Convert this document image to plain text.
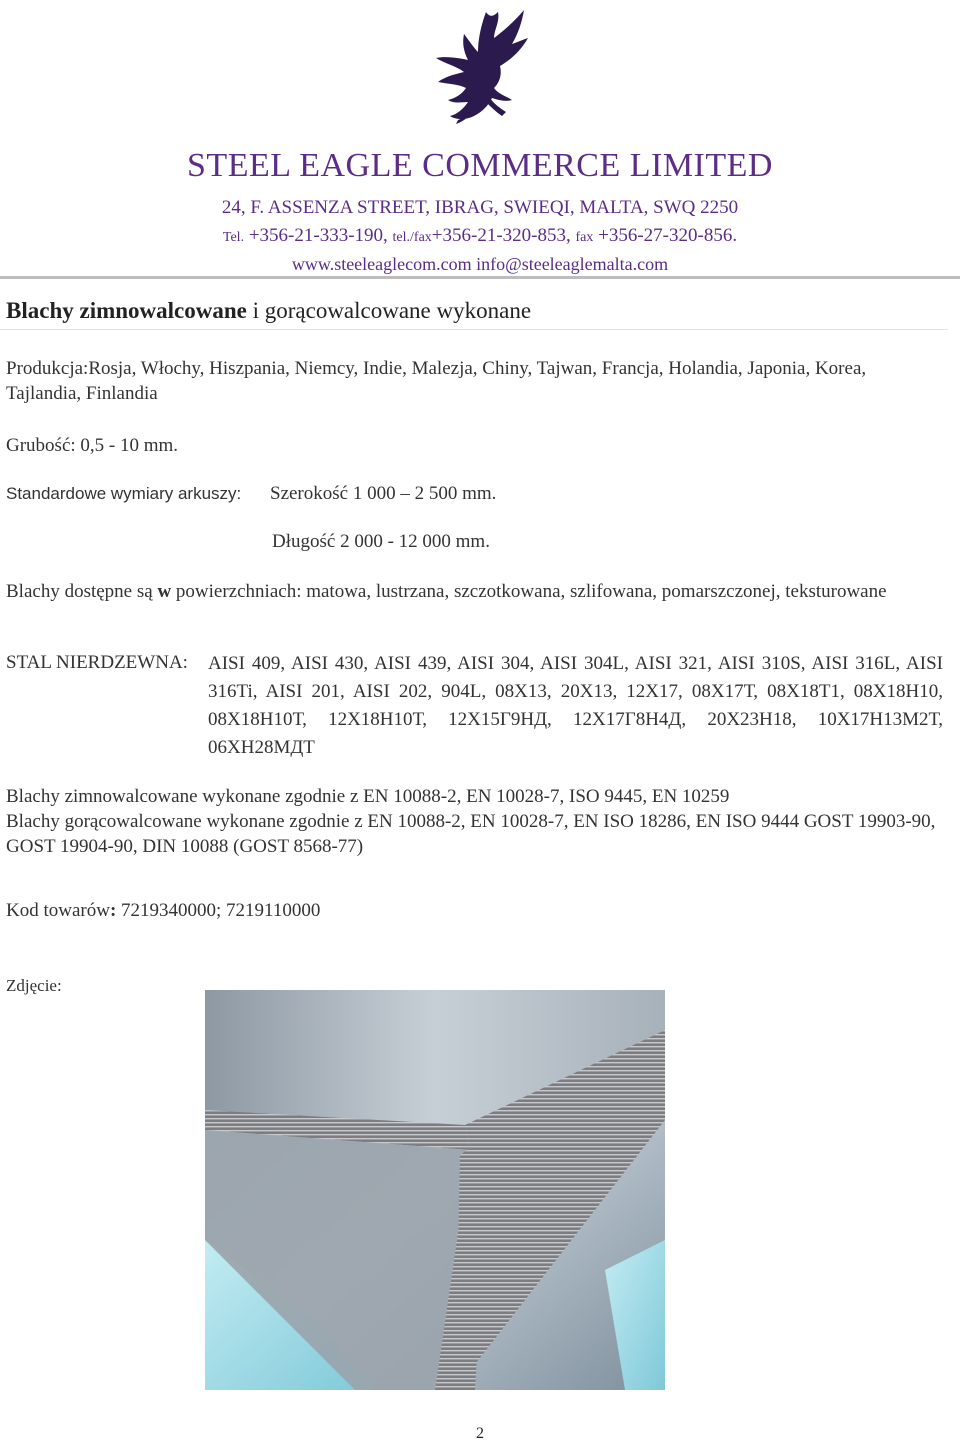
STEEL EAGLE COMMERCE LIMITED
24, F. ASSENZA STREET, IBRAG, SWIEQI, MALTA, SWQ 2250
Tel. +356-21-333-190, tel./fax+356-21-320-853, fax +356-27-320-856.
www.steeleaglecom.com info@steeleaglemalta.com
Blachy zimnowalcowane i gorącowalcowane wykonane
Produkcja:Rosja, Włochy, Hiszpania, Niemcy, Indie, Malezja, Chiny, Tajwan, Francja, Holandia, Japonia, Korea, Tajlandia, Finlandia
Grubość: 0,5 - 10 mm.
Standardowe wymiary arkuszy: Szerokość 1 000 – 2 500 mm.
Długość 2 000 - 12 000 mm.
Blachy dostępne są w powierzchniach: matowa, lustrzana, szczotkowana, szlifowana, pomarszczonej, teksturowane
STAL NIERDZEWNA: AISI 409, AISI 430, AISI 439, AISI 304, AISI 304L, AISI 321, AISI 310S, AISI 316L, AISI 316Ti, AISI 201, AISI 202, 904L, 08Х13, 20Х13, 12Х17, 08Х17Т, 08Х18Т1, 08Х18Н10, 08Х18Н10Т, 12Х18Н10Т, 12Х15Г9НД, 12Х17Г8Н4Д, 20Х23Н18, 10Х17Н13М2Т, 06ХН28МДТ
Blachy zimnowalcowane wykonane zgodnie z EN 10088-2, EN 10028-7, ISO 9445, EN 10259
Blachy gorącowalcowane wykonane zgodnie z EN 10088-2, EN 10028-7, EN ISO 18286, EN ISO 9444 GOST 19903-90, GOST 19904-90, DIN 10088 (GOST 8568-77)
Kod towarów: 7219340000; 7219110000
Zdjęcie:
2
